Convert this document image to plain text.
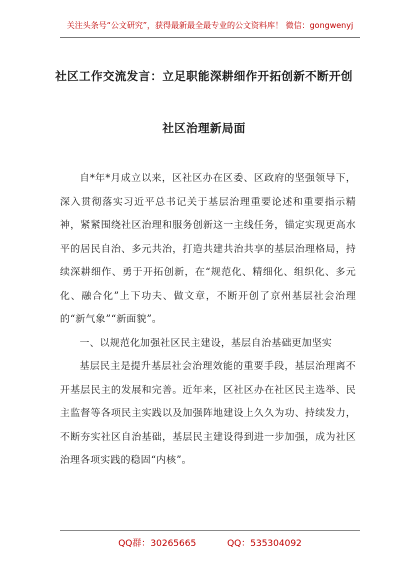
关注头条号“公文研究”，获得最新最全最专业的公文资料库！ 微信：gongwenyj
社区工作交流发言：立足职能深耕细作开拓创新不断开创
社区治理新局面

自*年*月成立以来，区社区办在区委、区政府的坚强领导下，深入贯彻落实习近平总书记关于基层治理重要论述和重要指示精神，紧紧围绕社区治理和服务创新这一主线任务，锚定实现更高水平的居民自治、多元共治，打造共建共治共享的基层治理格局，持续深耕细作、勇于开拓创新，在“规范化、精细化、组织化、多元化、融合化”上下功夫、做文章，不断开创了京州基层社会治理的“新气象”“新面貌”。

一、以规范化加强社区民主建设，基层自治基础更加坚实

基层民主是提升基层社会治理效能的重要手段，基层治理离不开基层民主的发展和完善。近年来，区社区办在社区民主选举、民主监督等各项民主实践以及加强阵地建设上久久为功、持续发力，不断夯实社区自治基础，基层民主建设得到进一步加强，成为社区治理各项实践的稳固“内核”。

QQ群：30265665	QQ：535304092
